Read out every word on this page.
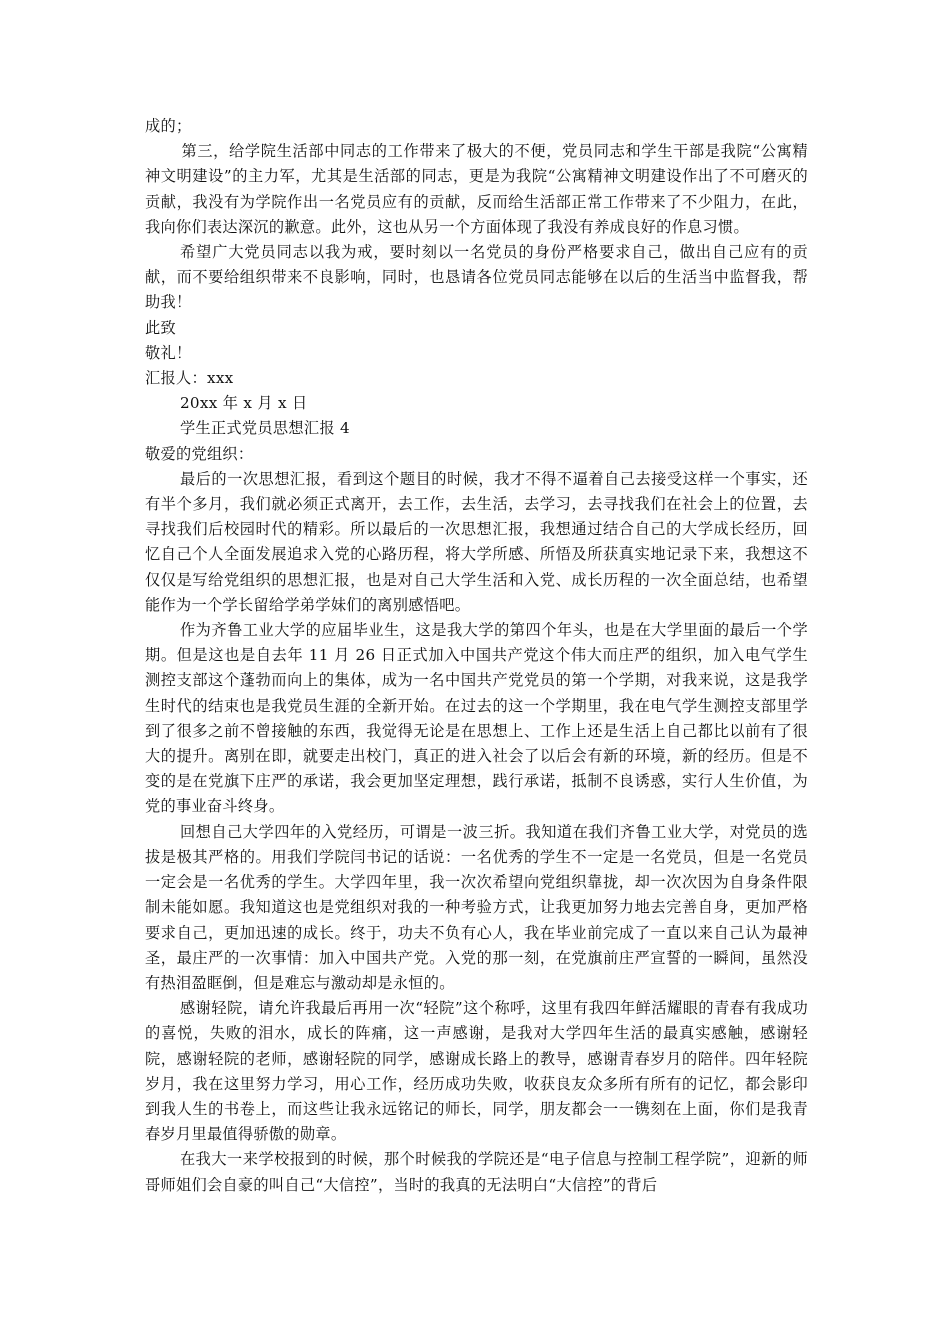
成的；

第三，给学院生活部中同志的工作带来了极大的不便，党员同志和学生干部是我院“公寓精神文明建设”的主力军，尤其是生活部的同志，更是为我院“公寓精神文明建设作出了不可磨灭的贡献，我没有为学院作出一名党员应有的贡献，反而给生活部正常工作带来了不少阻力，在此，我向你们表达深沉的歉意。此外，这也从另一个方面体现了我没有养成良好的作息习惯。

希望广大党员同志以我为戒，要时刻以一名党员的身份严格要求自己，做出自己应有的贡献，而不要给组织带来不良影响，同时，也恳请各位党员同志能够在以后的生活当中监督我，帮助我！

此致

敬礼！

汇报人：xxx

20xx 年 x 月 x 日

学生正式党员思想汇报 4

敬爱的党组织：

最后的一次思想汇报，看到这个题目的时候，我才不得不逼着自己去接受这样一个事实，还有半个多月，我们就必须正式离开，去工作，去生活，去学习，去寻找我们在社会上的位置，去寻找我们后校园时代的精彩。所以最后的一次思想汇报，我想通过结合自己的大学成长经历，回忆自己个人全面发展追求入党的心路历程，将大学所感、所悟及所获真实地记录下来，我想这不仅仅是写给党组织的思想汇报，也是对自己大学生活和入党、成长历程的一次全面总结，也希望能作为一个学长留给学弟学妹们的离别感悟吧。

作为齐鲁工业大学的应届毕业生，这是我大学的第四个年头，也是在大学里面的最后一个学期。但是这也是自去年 11 月 26 日正式加入中国共产党这个伟大而庄严的组织，加入电气学生测控支部这个蓬勃而向上的集体，成为一名中国共产党党员的第一个学期，对我来说，这是我学生时代的结束也是我党员生涯的全新开始。在过去的这一个学期里，我在电气学生测控支部里学到了很多之前不曾接触的东西，我觉得无论是在思想上、工作上还是生活上自己都比以前有了很大的提升。离别在即，就要走出校门，真正的进入社会了以后会有新的环境，新的经历。但是不变的是在党旗下庄严的承诺，我会更加坚定理想，践行承诺，抵制不良诱惑，实行人生价值，为党的事业奋斗终身。

回想自己大学四年的入党经历，可谓是一波三折。我知道在我们齐鲁工业大学，对党员的选拔是极其严格的。用我们学院闫书记的话说：一名优秀的学生不一定是一名党员，但是一名党员一定会是一名优秀的学生。大学四年里，我一次次希望向党组织靠拢，却一次次因为自身条件限制未能如愿。我知道这也是党组织对我的一种考验方式，让我更加努力地去完善自身，更加严格要求自己，更加迅速的成长。终于，功夫不负有心人，我在毕业前完成了一直以来自己认为最神圣，最庄严的一次事情：加入中国共产党。入党的那一刻，在党旗前庄严宣誓的一瞬间，虽然没有热泪盈眶倒，但是难忘与激动却是永恒的。

感谢轻院，请允许我最后再用一次“轻院”这个称呼，这里有我四年鲜活耀眼的青春有我成功的喜悦，失败的泪水，成长的阵痛，这一声感谢，是我对大学四年生活的最真实感触，感谢轻院，感谢轻院的老师，感谢轻院的同学，感谢成长路上的教导，感谢青春岁月的陪伴。四年轻院岁月，我在这里努力学习，用心工作，经历成功失败，收获良友众多所有所有的记忆，都会影印到我人生的书卷上，而这些让我永远铭记的师长，同学，朋友都会一一镌刻在上面，你们是我青春岁月里最值得骄傲的勋章。

在我大一来学校报到的时候，那个时候我的学院还是“电子信息与控制工程学院”，迎新的师哥师姐们会自豪的叫自己“大信控”，当时的我真的无法明白“大信控”的背后
